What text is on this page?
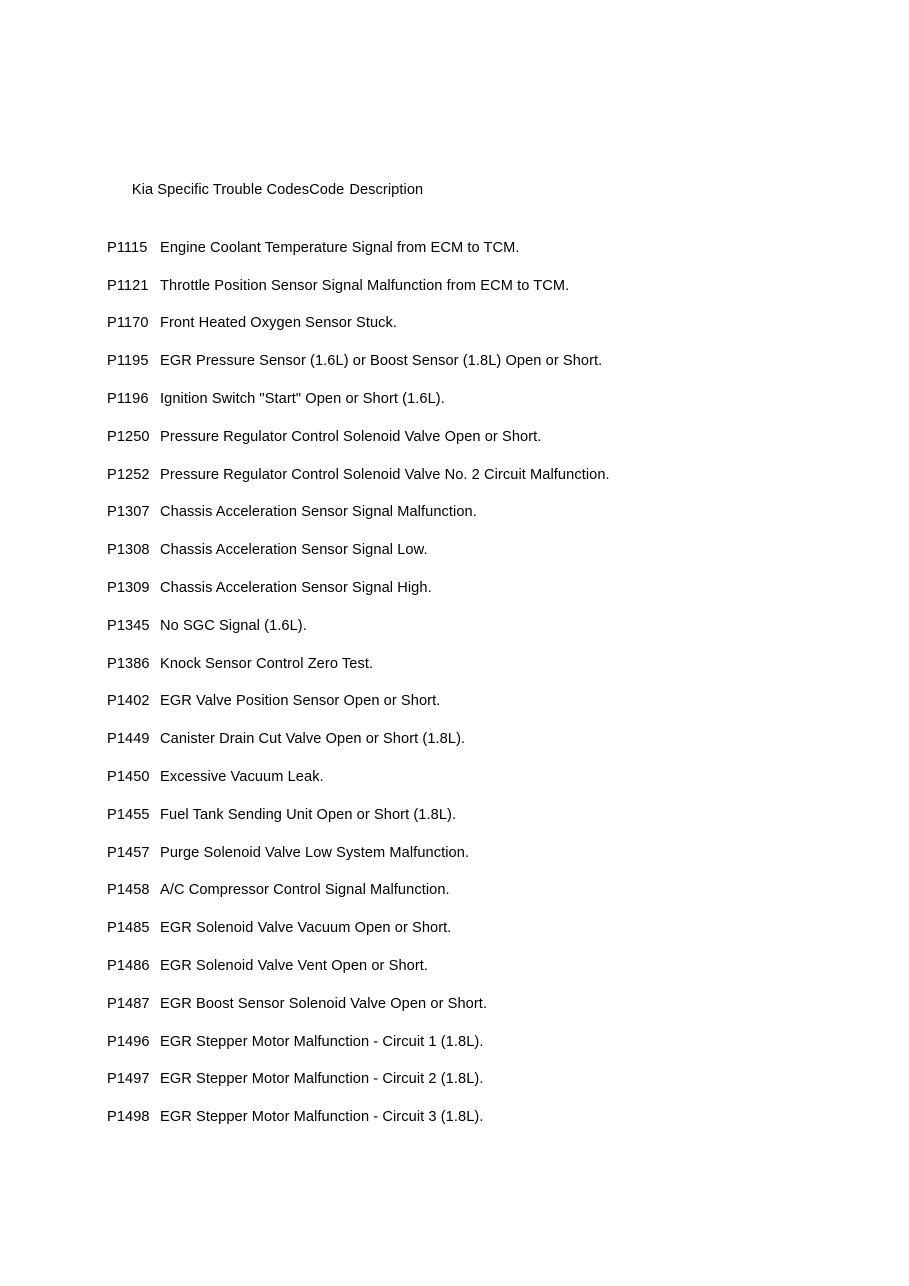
Kia Specific Trouble CodesCode Description

P1115 Engine Coolant Temperature Signal from ECM to TCM.
P1121 Throttle Position Sensor Signal Malfunction from ECM to TCM.
P1170 Front Heated Oxygen Sensor Stuck.
P1195 EGR Pressure Sensor (1.6L) or Boost Sensor (1.8L) Open or Short.
P1196 Ignition Switch "Start" Open or Short (1.6L).
P1250 Pressure Regulator Control Solenoid Valve Open or Short.
P1252 Pressure Regulator Control Solenoid Valve No. 2 Circuit Malfunction.
P1307 Chassis Acceleration Sensor Signal Malfunction.
P1308 Chassis Acceleration Sensor Signal Low.
P1309 Chassis Acceleration Sensor Signal High.
P1345 No SGC Signal (1.6L).
P1386 Knock Sensor Control Zero Test.
P1402 EGR Valve Position Sensor Open or Short.
P1449 Canister Drain Cut Valve Open or Short (1.8L).
P1450 Excessive Vacuum Leak.
P1455 Fuel Tank Sending Unit Open or Short (1.8L).
P1457 Purge Solenoid Valve Low System Malfunction.
P1458 A/C Compressor Control Signal Malfunction.
P1485 EGR Solenoid Valve Vacuum Open or Short.
P1486 EGR Solenoid Valve Vent Open or Short.
P1487 EGR Boost Sensor Solenoid Valve Open or Short.
P1496 EGR Stepper Motor Malfunction - Circuit 1 (1.8L).
P1497 EGR Stepper Motor Malfunction - Circuit 2 (1.8L).
P1498 EGR Stepper Motor Malfunction - Circuit 3 (1.8L).
